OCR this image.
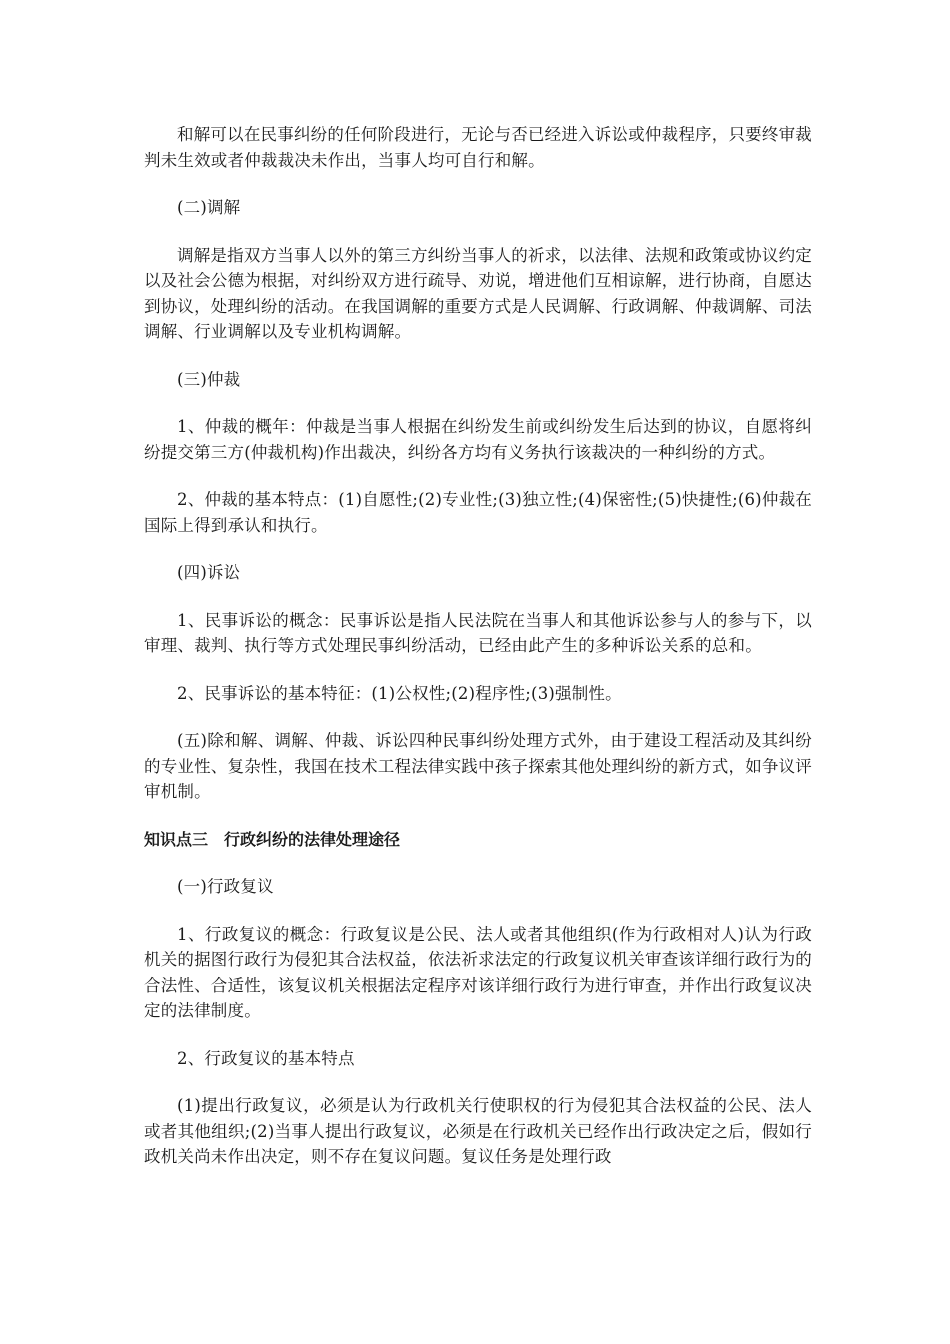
和解可以在民事纠纷的任何阶段进行，无论与否已经进入诉讼或仲裁程序，只要终审裁判未生效或者仲裁裁决未作出，当事人均可自行和解。

(二)调解

调解是指双方当事人以外的第三方纠纷当事人的祈求，以法律、法规和政策或协议约定以及社会公德为根据，对纠纷双方进行疏导、劝说，增进他们互相谅解，进行协商，自愿达到协议，处理纠纷的活动。在我国调解的重要方式是人民调解、行政调解、仲裁调解、司法调解、行业调解以及专业机构调解。

(三)仲裁

1、仲裁的概年：仲裁是当事人根据在纠纷发生前或纠纷发生后达到的协议，自愿将纠纷提交第三方(仲裁机构)作出裁决，纠纷各方均有义务执行该裁决的一种纠纷的方式。

2、仲裁的基本特点：(1)自愿性;(2)专业性;(3)独立性;(4)保密性;(5)快捷性;(6)仲裁在国际上得到承认和执行。

(四)诉讼

1、民事诉讼的概念：民事诉讼是指人民法院在当事人和其他诉讼参与人的参与下，以审理、裁判、执行等方式处理民事纠纷活动，已经由此产生的多种诉讼关系的总和。

2、民事诉讼的基本特征：(1)公权性;(2)程序性;(3)强制性。

(五)除和解、调解、仲裁、诉讼四种民事纠纷处理方式外，由于建设工程活动及其纠纷的专业性、复杂性，我国在技术工程法律实践中孩子探索其他处理纠纷的新方式，如争议评审机制。

知识点三　行政纠纷的法律处理途径

(一)行政复议

1、行政复议的概念：行政复议是公民、法人或者其他组织(作为行政相对人)认为行政机关的据图行政行为侵犯其合法权益，依法祈求法定的行政复议机关审查该详细行政行为的合法性、合适性，该复议机关根据法定程序对该详细行政行为进行审查，并作出行政复议决定的法律制度。

2、行政复议的基本特点

(1)提出行政复议，必须是认为行政机关行使职权的行为侵犯其合法权益的公民、法人或者其他组织;(2)当事人提出行政复议，必须是在行政机关已经作出行政决定之后，假如行政机关尚未作出决定，则不存在复议问题。复议任务是处理行政
